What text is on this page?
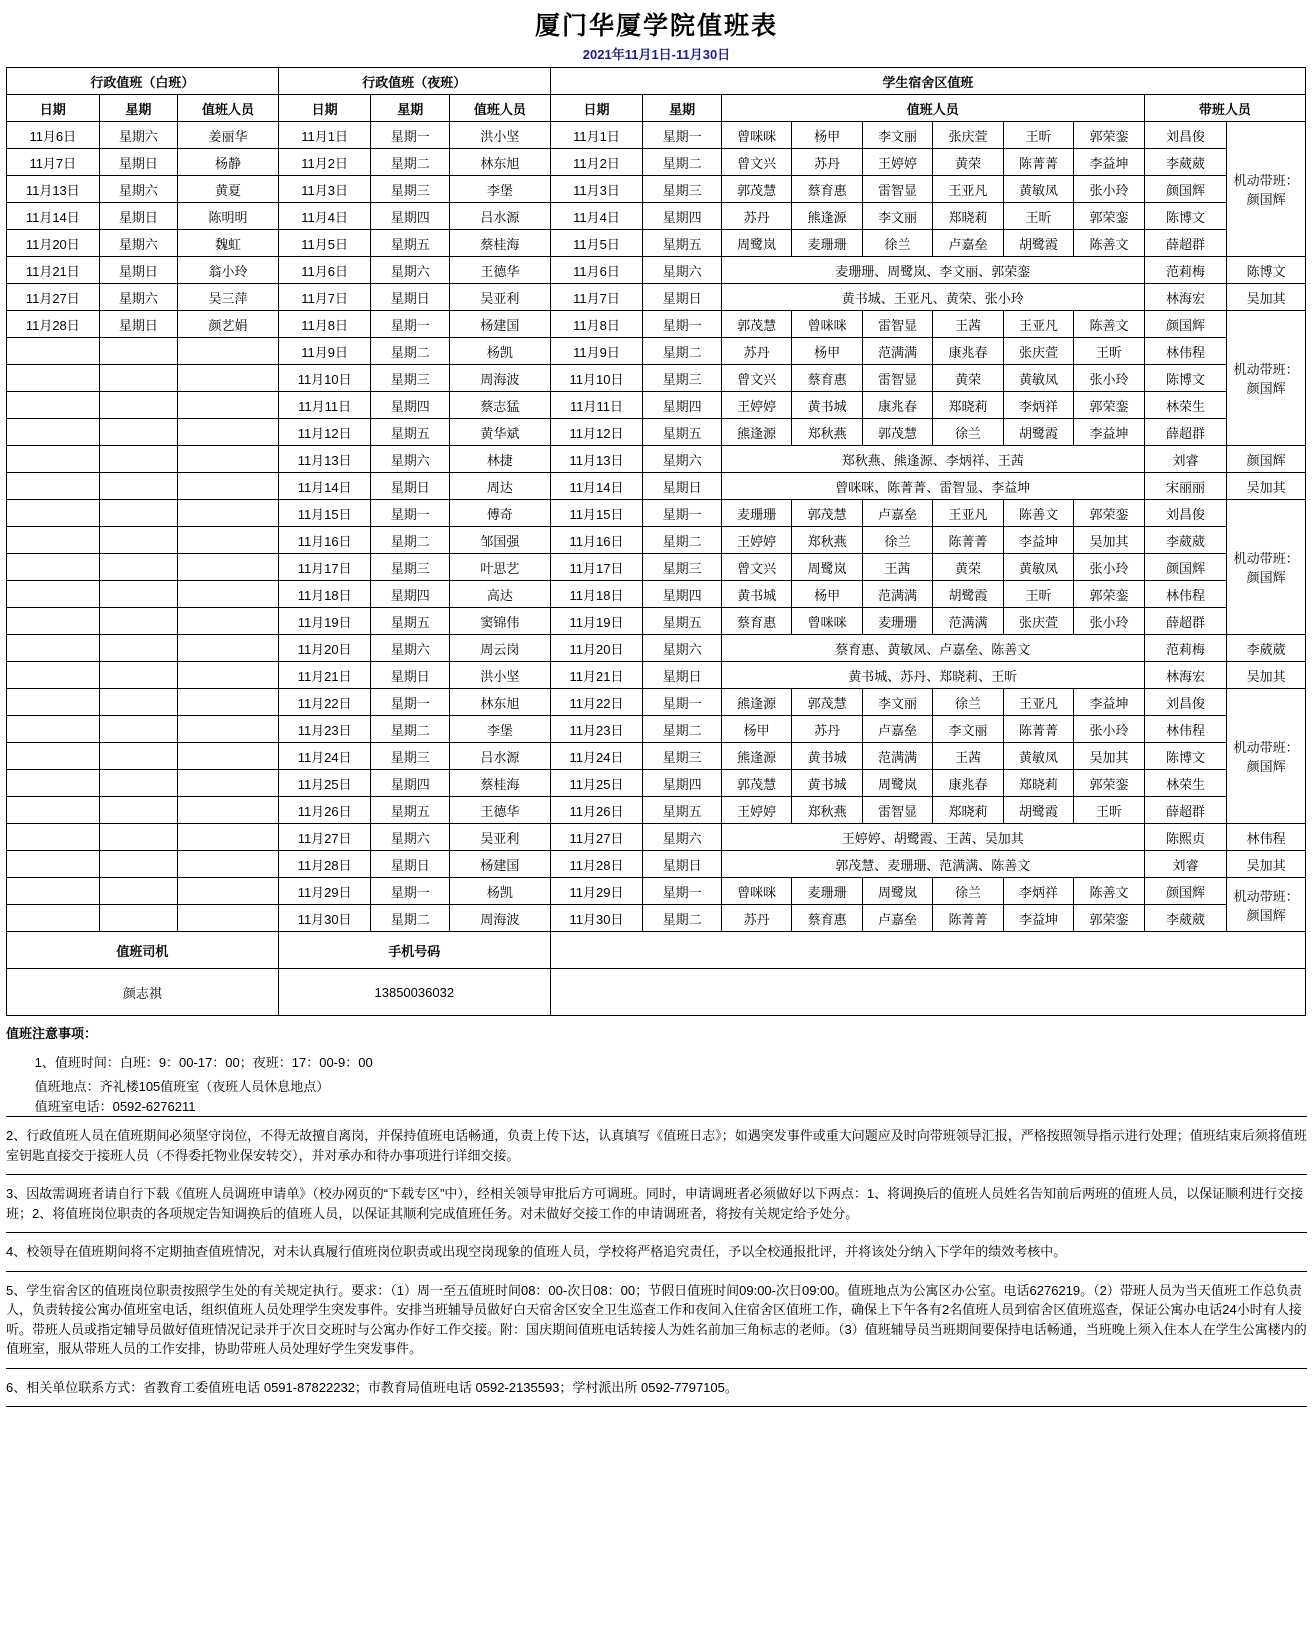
厦门华厦学院值班表
2021年11月1日-11月30日
行政值班（白班）			行政值班（夜班）			学生宿舍区值班									
日期	星期	值班人员	日期	星期	值班人员	日期	星期	值班人员						带班人员	
11月6日	星期六	姜丽华	11月1日	星期一	洪小坚	11月1日	星期一	曾咪咪	杨甲	李文丽	张庆萱	王昕	郭荣銮	刘昌俊	机动带班：颜国辉
11月7日	星期日	杨静	11月2日	星期二	林东旭	11月2日	星期二	曾文兴	苏丹	王婷婷	黄荣	陈菁菁	李益坤	李葳葳	
11月13日	星期六	黄夏	11月3日	星期三	李堡	11月3日	星期三	郭茂慧	蔡育惠	雷智显	王亚凡	黄敏凤	张小玲	颜国辉	
11月14日	星期日	陈明明	11月4日	星期四	吕水源	11月4日	星期四	苏丹	熊逢源	李文丽	郑晓莉	王昕	郭荣銮	陈博文	
11月20日	星期六	魏虹	11月5日	星期五	蔡桂海	11月5日	星期五	周鹭岚	麦珊珊	徐兰	卢嘉垒	胡鹭霞	陈善文	薛超群	
11月21日	星期日	翁小玲	11月6日	星期六	王德华	11月6日	星期六	麦珊珊、周鹭岚、李文丽、郭荣銮						范莉梅	陈博文
11月27日	星期六	吴三萍	11月7日	星期日	吴亚利	11月7日	星期日	黄书城、王亚凡、黄荣、张小玲						林海宏	吴加其
11月28日	星期日	颜艺娟	11月8日	星期一	杨建国	11月8日	星期一	郭茂慧	曾咪咪	雷智显	王茜	王亚凡	陈善文	颜国辉	机动带班：颜国辉
			11月9日	星期二	杨凯	11月9日	星期二	苏丹	杨甲	范满满	康兆春	张庆萱	王昕	林伟程	
			11月10日	星期三	周海波	11月10日	星期三	曾文兴	蔡育惠	雷智显	黄荣	黄敏凤	张小玲	陈博文	
			11月11日	星期四	蔡志猛	11月11日	星期四	王婷婷	黄书城	康兆春	郑晓莉	李炳祥	郭荣銮	林荣生	
			11月12日	星期五	黄华斌	11月12日	星期五	熊逢源	郑秋燕	郭茂慧	徐兰	胡鹭霞	李益坤	薛超群	
			11月13日	星期六	林捷	11月13日	星期六	郑秋燕、熊逢源、李炳祥、王茜						刘睿	颜国辉
			11月14日	星期日	周达	11月14日	星期日	曾咪咪、陈菁菁、雷智显、李益坤						宋丽丽	吴加其
			11月15日	星期一	傅奇	11月15日	星期一	麦珊珊	郭茂慧	卢嘉垒	王亚凡	陈善文	郭荣銮	刘昌俊	机动带班：颜国辉
			11月16日	星期二	邹国强	11月16日	星期二	王婷婷	郑秋燕	徐兰	陈菁菁	李益坤	吴加其	李葳葳	
			11月17日	星期三	叶思艺	11月17日	星期三	曾文兴	周鹭岚	王茜	黄荣	黄敏凤	张小玲	颜国辉	
			11月18日	星期四	高达	11月18日	星期四	黄书城	杨甲	范满满	胡鹭霞	王昕	郭荣銮	林伟程	
			11月19日	星期五	窦锦伟	11月19日	星期五	蔡育惠	曾咪咪	麦珊珊	范满满	张庆萱	张小玲	薛超群	
			11月20日	星期六	周云岗	11月20日	星期六	蔡育惠、黄敏凤、卢嘉垒、陈善文						范莉梅	李葳葳
			11月21日	星期日	洪小坚	11月21日	星期日	黄书城、苏丹、郑晓莉、王昕						林海宏	吴加其
			11月22日	星期一	林东旭	11月22日	星期一	熊逢源	郭茂慧	李文丽	徐兰	王亚凡	李益坤	刘昌俊	机动带班：颜国辉
			11月23日	星期二	李堡	11月23日	星期二	杨甲	苏丹	卢嘉垒	李文丽	陈菁菁	张小玲	林伟程	
			11月24日	星期三	吕水源	11月24日	星期三	熊逢源	黄书城	范满满	王茜	黄敏凤	吴加其	陈博文	
			11月25日	星期四	蔡桂海	11月25日	星期四	郭茂慧	黄书城	周鹭岚	康兆春	郑晓莉	郭荣銮	林荣生	
			11月26日	星期五	王德华	11月26日	星期五	王婷婷	郑秋燕	雷智显	郑晓莉	胡鹭霞	王昕	薛超群	
			11月27日	星期六	吴亚利	11月27日	星期六	王婷婷、胡鹭霞、王茜、吴加其						陈熙贞	林伟程
			11月28日	星期日	杨建国	11月28日	星期日	郭茂慧、麦珊珊、范满满、陈善文						刘睿	吴加其
			11月29日	星期一	杨凯	11月29日	星期一	曾咪咪	麦珊珊	周鹭岚	徐兰	李炳祥	陈善文	颜国辉	机动带班：颜国辉
			11月30日	星期二	周海波	11月30日	星期二	苏丹	蔡育惠	卢嘉垒	陈菁菁	李益坤	郭荣銮	李葳葳	
值班司机			手机号码												
颜志祺			13850036032												
值班注意事项：
1、值班时间：白班：9：00-17：00；夜班：17：00-9：00
值班地点：齐礼楼105值班室（夜班人员休息地点）
值班室电话：0592-6276211
2、行政值班人员在值班期间必须坚守岗位，不得无故擅自离岗，并保持值班电话畅通，负责上传下达，认真填写《值班日志》；如遇突发事件或重大问题应及时向带班领导汇报，严格按照领导指示进行处理；值班结束后须将值班室钥匙直接交于接班人员（不得委托物业保安转交），并对承办和待办事项进行详细交接。
3、因故需调班者请自行下载《值班人员调班申请单》（校办网页的“下载专区”中），经相关领导审批后方可调班。同时，申请调班者必须做好以下两点：1、将调换后的值班人员姓名告知前后两班的值班人员，以保证顺利进行交接班；2、将值班岗位职责的各项规定告知调换后的值班人员，以保证其顺利完成值班任务。对未做好交接工作的申请调班者，将按有关规定给予处分。
4、校领导在值班期间将不定期抽查值班情况，对未认真履行值班岗位职责或出现空岗现象的值班人员，学校将严格追究责任，予以全校通报批评，并将该处分纳入下学年的绩效考核中。
5、学生宿舍区的值班岗位职责按照学生处的有关规定执行。要求：（1）周一至五值班时间08：00-次日08：00；节假日值班时间09:00-次日09:00。值班地点为公寓区办公室。电话6276219。（2）带班人员为当天值班工作总负责人，负责转接公寓办值班室电话，组织值班人员处理学生突发事件。安排当班辅导员做好白天宿舍区安全卫生巡查工作和夜间入住宿舍区值班工作，确保上下午各有2名值班人员到宿舍区值班巡查，保证公寓办电话24小时有人接听。带班人员或指定辅导员做好值班情况记录并于次日交班时与公寓办作好工作交接。附：国庆期间值班电话转接人为姓名前加三角标志的老师。（3）值班辅导员当班期间要保持电话畅通，当班晚上须入住本人在学生公寓楼内的值班室，服从带班人员的工作安排，协助带班人员处理好学生突发事件。
6、相关单位联系方式：省教育工委值班电话 0591-87822232；市教育局值班电话 0592-2135593；学村派出所 0592-7797105。
